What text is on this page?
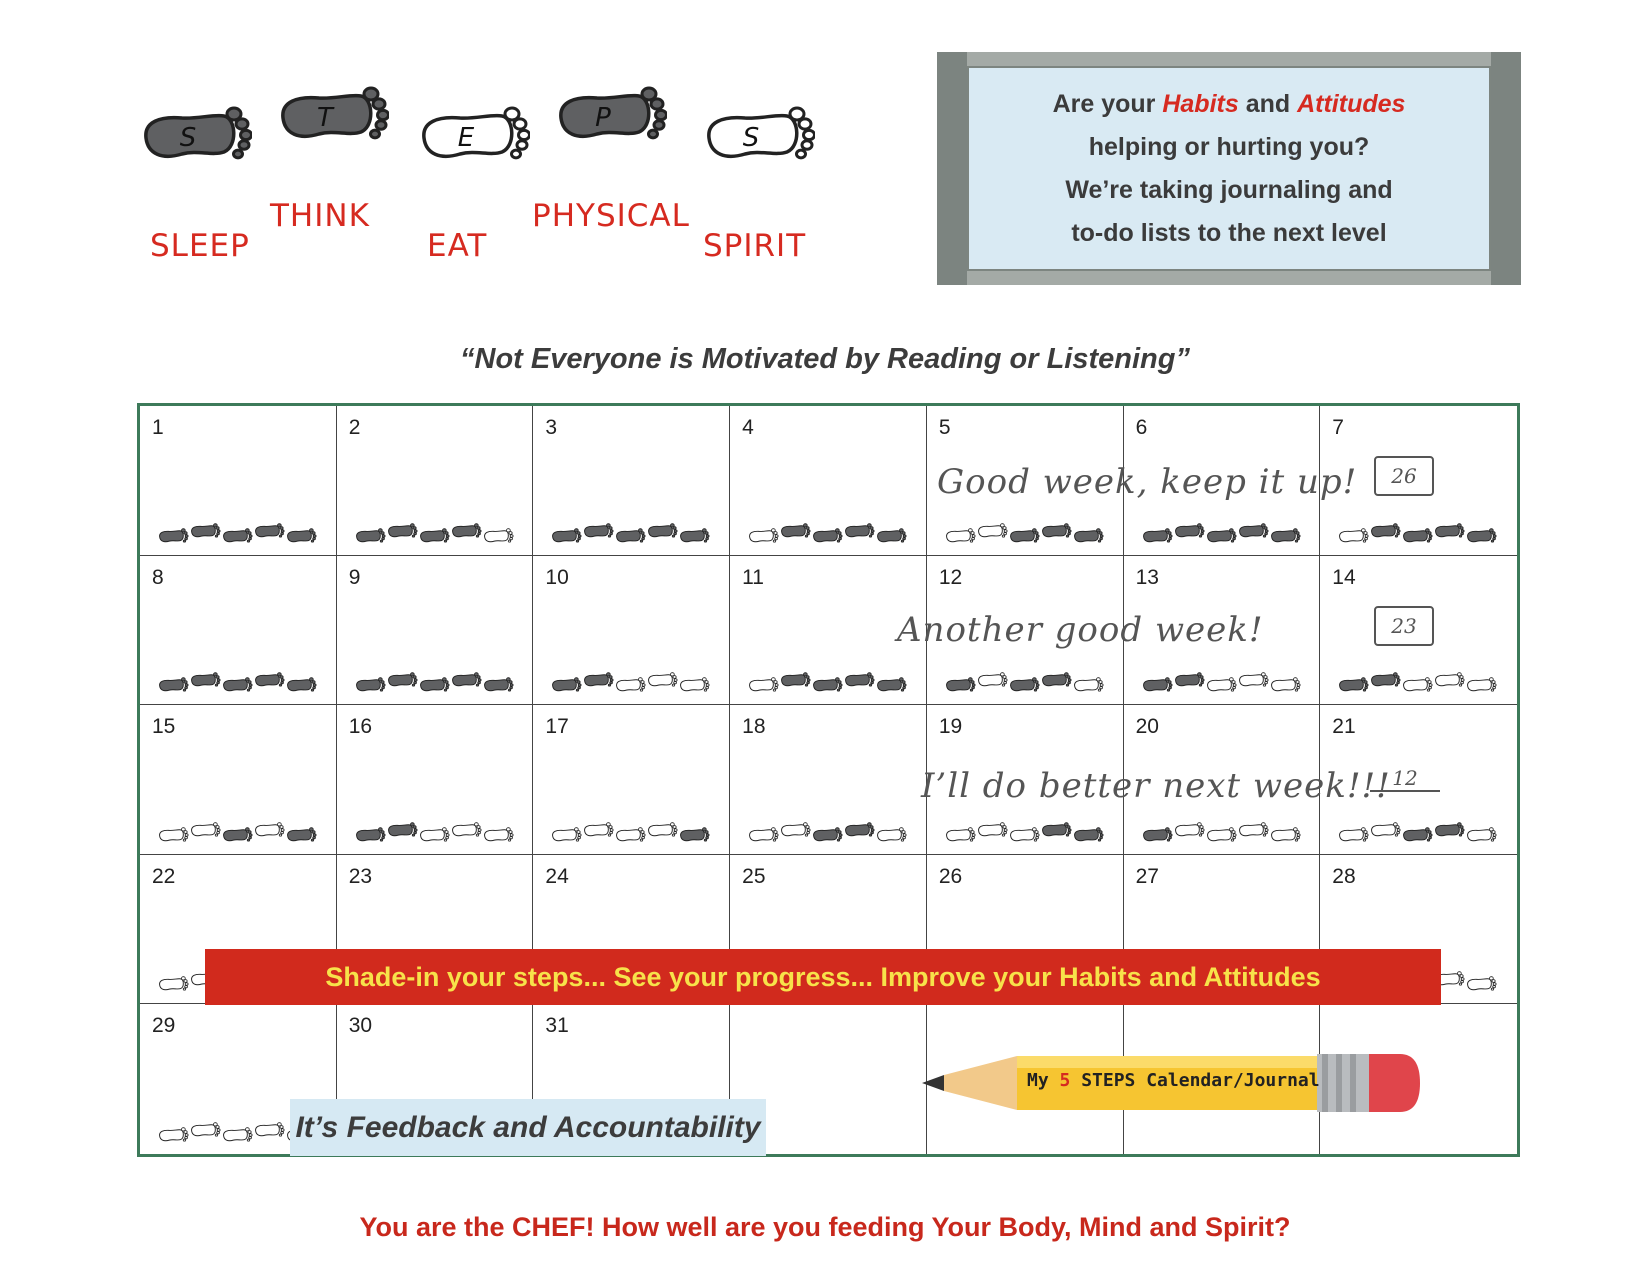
S
T
E
P
S
SLEEP
THINK
EAT
PHYSICAL
SPIRIT
Are your Habits and Attitudes
helping or hurting you?
We’re taking journaling and
to-do lists to the next level
“Not Everyone is Motivated by Reading or Listening”
1	2	3	4	5	6	7
8	9	10	11	12	13	14
15	16	17	18	19	20	21
22	23	24	25	26	27	28
29	30	31
Good week, keep it up!
Another good week!
I’ll do better next week!!!
26
23
12
Shade-in your steps... See your progress... Improve your Habits and Attitudes
It’s Feedback and Accountability
My 5 STEPS Calendar/Journal
You are the CHEF! How well are you feeding Your Body, Mind and Spirit?
